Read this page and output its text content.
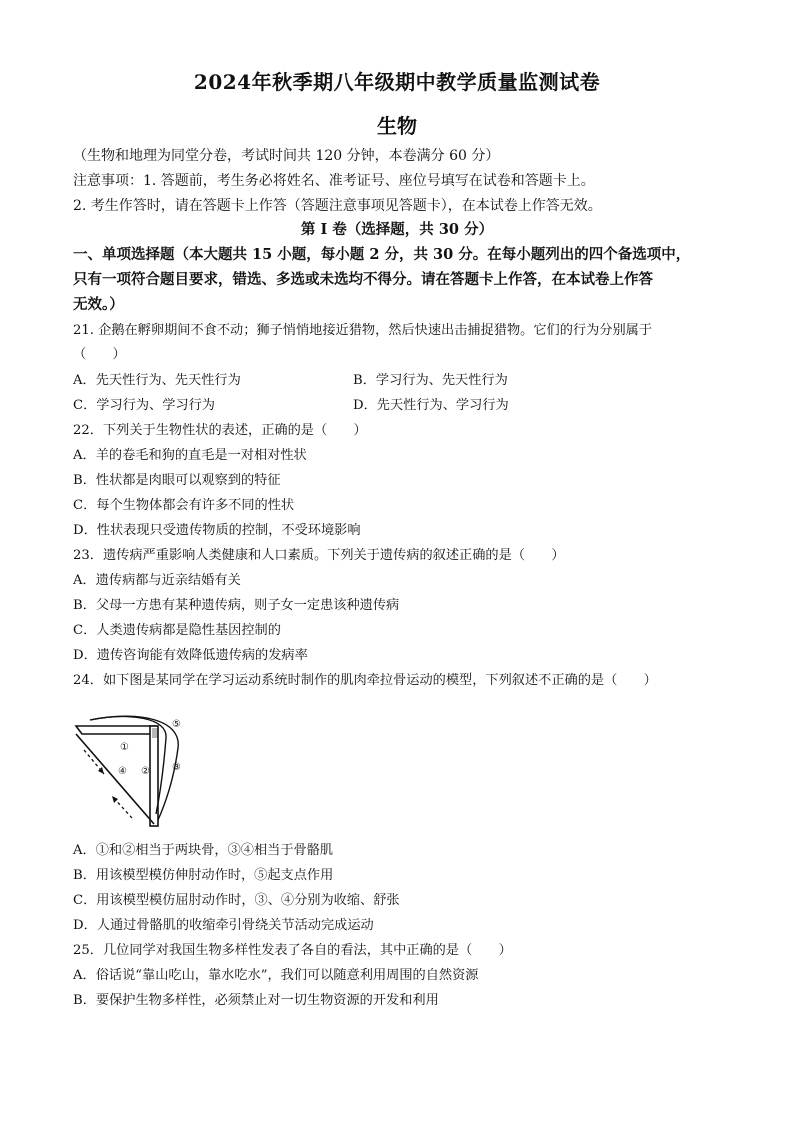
2024年秋季期八年级期中教学质量监测试卷
生物
（生物和地理为同堂分卷，考试时间共 120 分钟，本卷满分 60 分）
注意事项：1. 答题前，考生务必将姓名、准考证号、座位号填写在试卷和答题卡上。
2. 考生作答时，请在答题卡上作答（答题注意事项见答题卡），在本试卷上作答无效。
第 I 卷（选择题，共 30 分）
一、单项选择题（本大题共 15 小题，每小题 2 分，共 30 分。在每小题列出的四个备选项中，
只有一项符合题目要求，错选、多选或未选均不得分。请在答题卡上作答，在本试卷上作答
无效。）
21. 企鹅在孵卵期间不食不动；狮子悄悄地接近猎物，然后快速出击捕捉猎物。它们的行为分别属于
（　　）
A．先天性行为、先天性行为	B．学习行为、先天性行为
C．学习行为、学习行为	D．先天性行为、学习行为
22．下列关于生物性状的表述，正确的是（　　）
A．羊的卷毛和狗的直毛是一对相对性状
B．性状都是肉眼可以观察到的特征
C．每个生物体都会有许多不同的性状
D．性状表现只受遗传物质的控制，不受环境影响
23．遗传病严重影响人类健康和人口素质。下列关于遗传病的叙述正确的是（　　）
A．遗传病都与近亲结婚有关
B．父母一方患有某种遗传病，则子女一定患该种遗传病
C．人类遗传病都是隐性基因控制的
D．遗传咨询能有效降低遗传病的发病率
24．如下图是某同学在学习运动系统时制作的肌肉牵拉骨运动的模型，下列叙述不正确的是（　　）
①
② ③
④
⑤
A．①和②相当于两块骨，③④相当于骨骼肌
B．用该模型模仿伸肘动作时，⑤起支点作用
C．用该模型模仿屈肘动作时，③、④分别为收缩、舒张
D．人通过骨骼肌的收缩牵引骨绕关节活动完成运动
25．几位同学对我国生物多样性发表了各自的看法，其中正确的是（　　）
A．俗话说“靠山吃山，靠水吃水”，我们可以随意利用周围的自然资源
B．要保护生物多样性，必须禁止对一切生物资源的开发和利用
